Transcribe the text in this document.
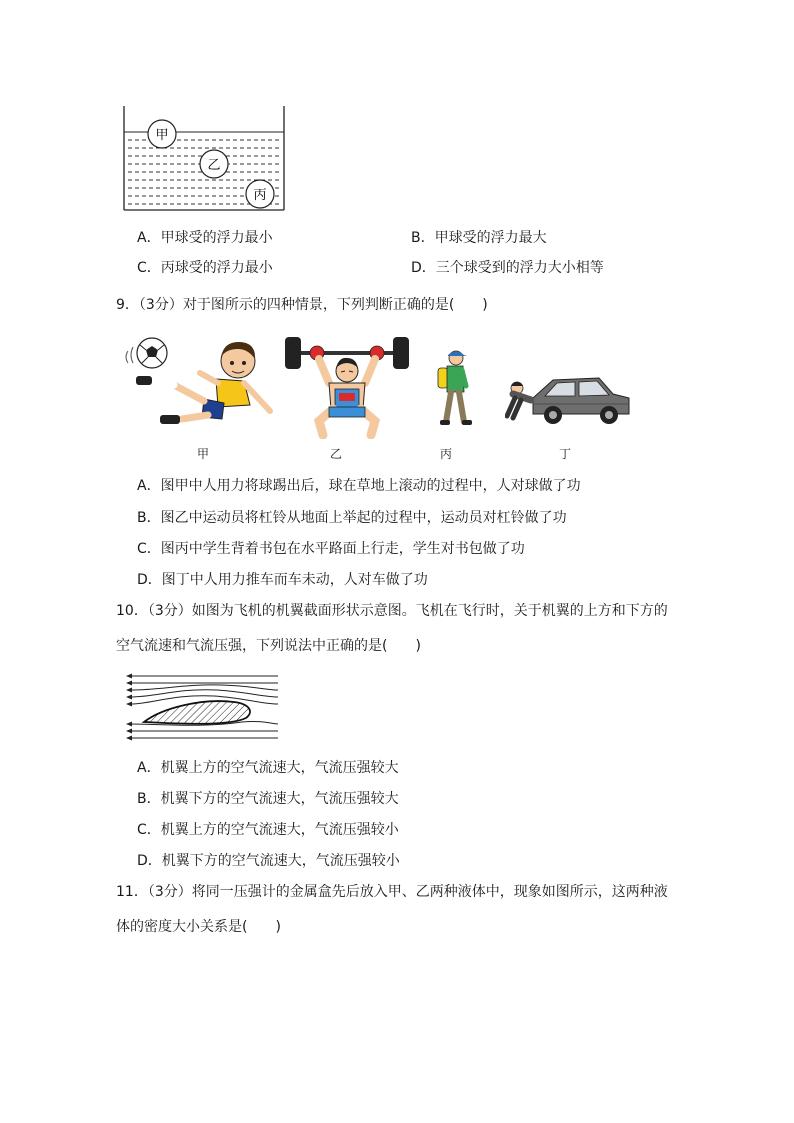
甲
乙
丙
A．甲球受的浮力最小	B．甲球受的浮力最大
C．丙球受的浮力最小	D．三个球受到的浮力大小相等
9．（3分）对于图所示的四种情景，下列判断正确的是(　　)
甲	乙	丙	丁
A．图甲中人用力将球踢出后，球在草地上滚动的过程中，人对球做了功
B．图乙中运动员将杠铃从地面上举起的过程中，运动员对杠铃做了功
C．图丙中学生背着书包在水平路面上行走，学生对书包做了功
D．图丁中人用力推车而车未动，人对车做了功
10．（3分）如图为飞机的机翼截面形状示意图。飞机在飞行时，关于机翼的上方和下方的
空气流速和气流压强，下列说法中正确的是(　　)
A．机翼上方的空气流速大，气流压强较大
B．机翼下方的空气流速大，气流压强较大
C．机翼上方的空气流速大，气流压强较小
D．机翼下方的空气流速大，气流压强较小
11．（3分）将同一压强计的金属盒先后放入甲、乙两种液体中，现象如图所示，这两种液
体的密度大小关系是(　　)
